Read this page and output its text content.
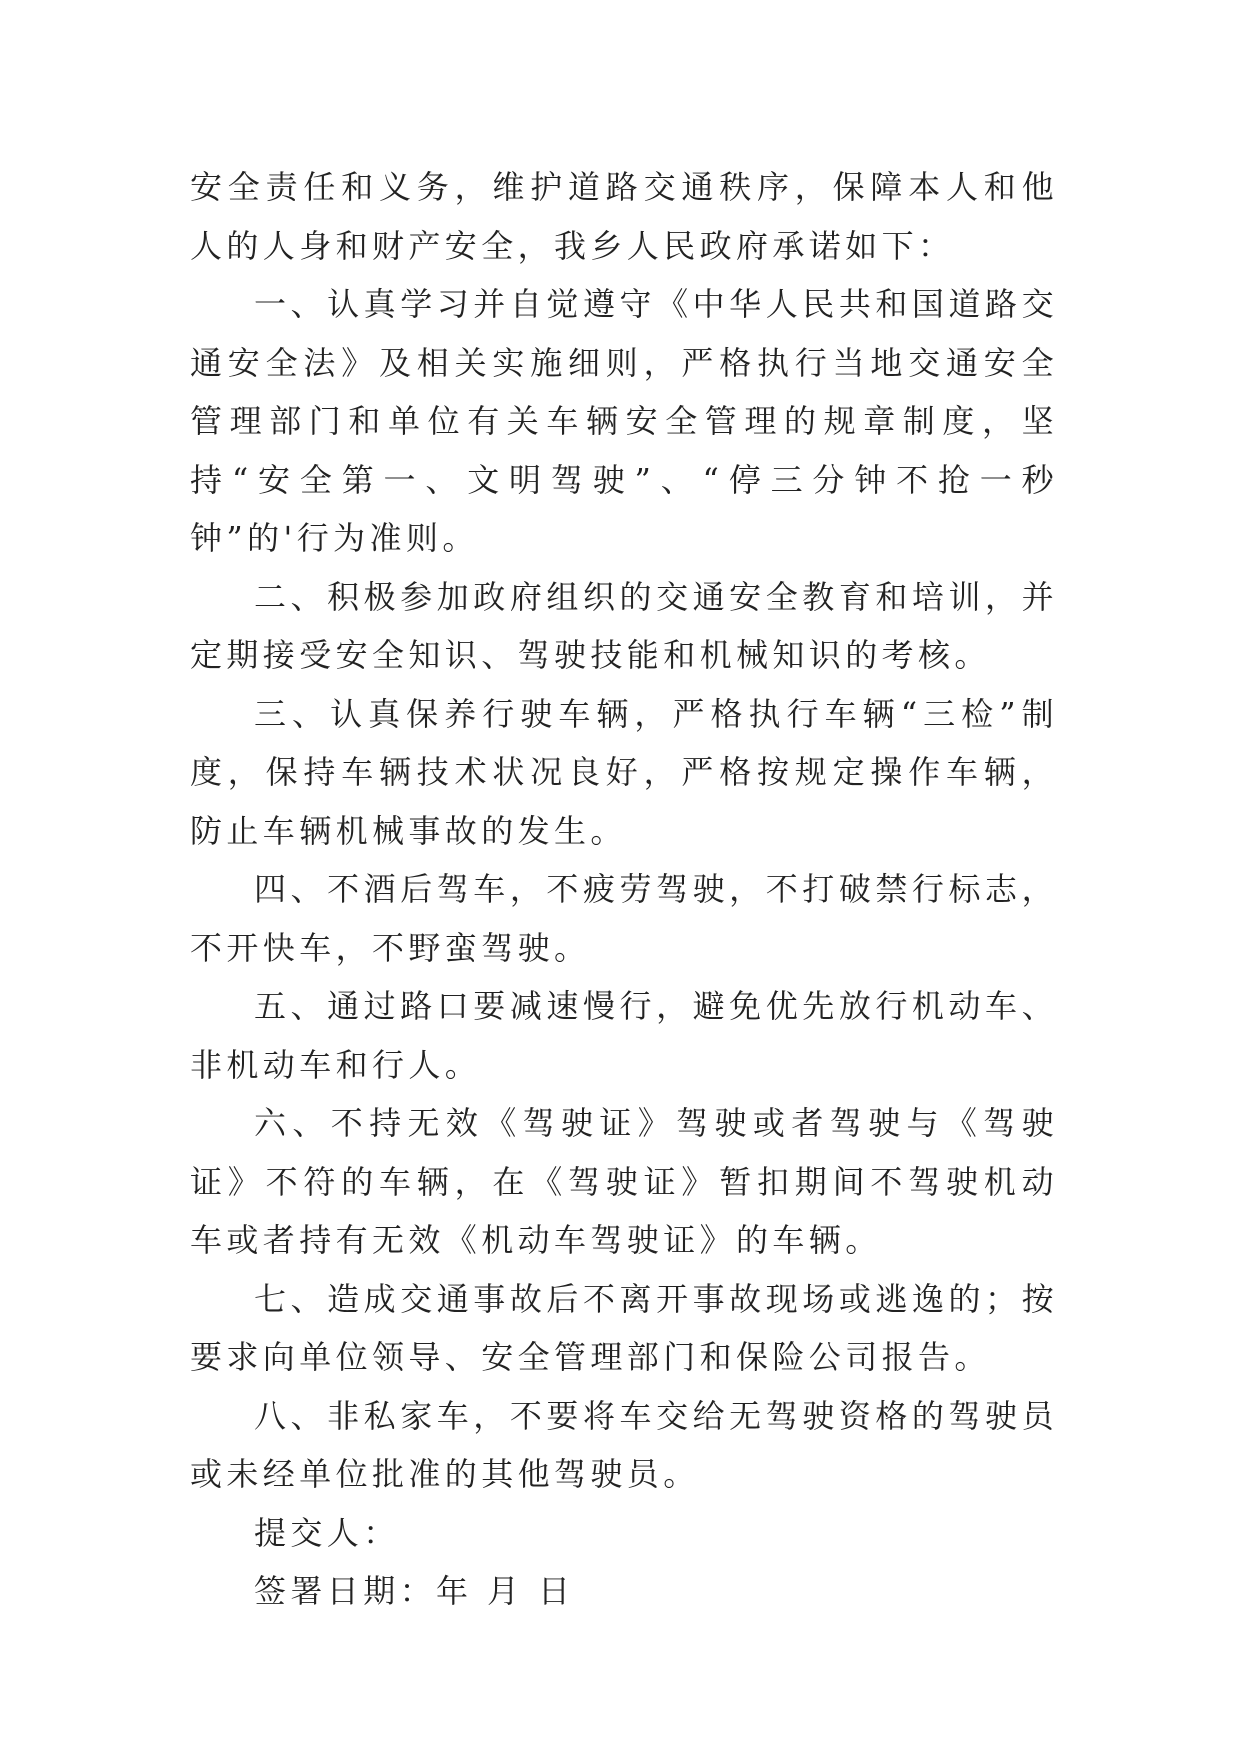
安全责任和义务，维护道路交通秩序，保障本人和他人的人身和财产安全，我乡人民政府承诺如下：

一、认真学习并自觉遵守《中华人民共和国道路交通安全法》及相关实施细则，严格执行当地交通安全管理部门和单位有关车辆安全管理的规章制度，坚持“安全第一、文明驾驶”、“停三分钟不抢一秒钟”的'行为准则。

二、积极参加政府组织的交通安全教育和培训，并定期接受安全知识、驾驶技能和机械知识的考核。

三、认真保养行驶车辆，严格执行车辆“三检”制度，保持车辆技术状况良好，严格按规定操作车辆，防止车辆机械事故的发生。

四、不酒后驾车，不疲劳驾驶，不打破禁行标志，不开快车，不野蛮驾驶。

五、通过路口要减速慢行，避免优先放行机动车、非机动车和行人。

六、不持无效《驾驶证》驾驶或者驾驶与《驾驶证》不符的车辆，在《驾驶证》暂扣期间不驾驶机动车或者持有无效《机动车驾驶证》的车辆。

七、造成交通事故后不离开事故现场或逃逸的；按要求向单位领导、安全管理部门和保险公司报告。

八、非私家车，不要将车交给无驾驶资格的驾驶员或未经单位批准的其他驾驶员。

提交人：

签署日期：年 月 日
